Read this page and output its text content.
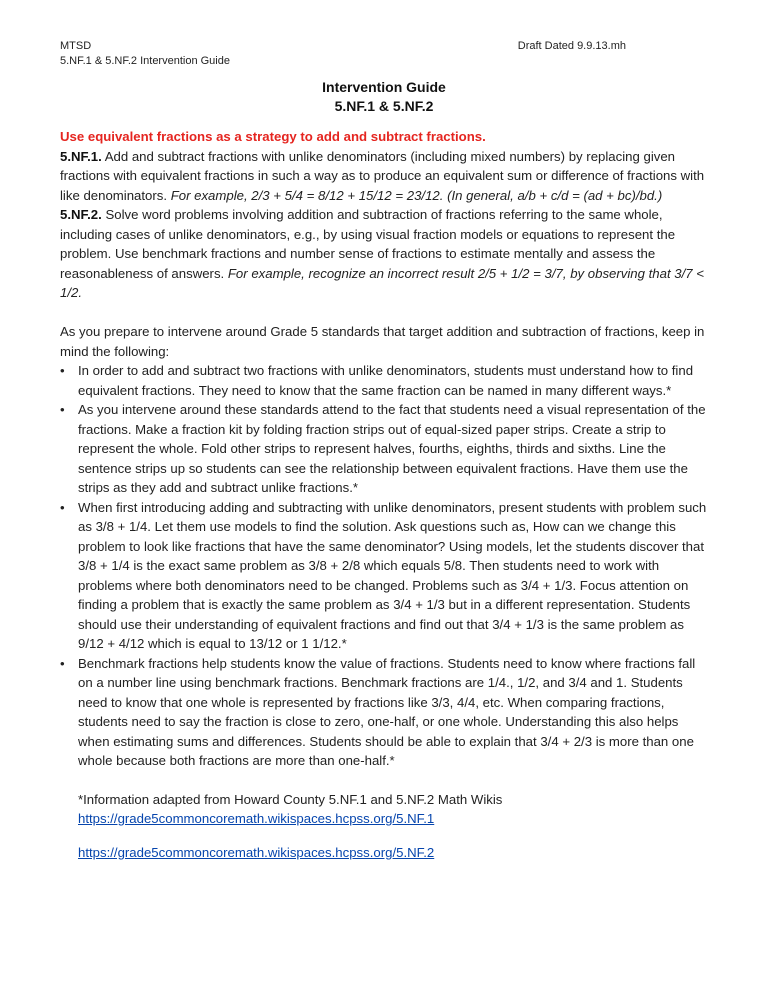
MTSD
5.NF.1 & 5.NF.2 Intervention Guide
Draft Dated 9.9.13.mh
Intervention Guide
5.NF.1 & 5.NF.2

Use equivalent fractions as a strategy to add and subtract fractions.

5.NF.1. Add and subtract fractions with unlike denominators (including mixed numbers) by replacing given fractions with equivalent fractions in such a way as to produce an equivalent sum or difference of fractions with like denominators. For example, 2/3 + 5/4 = 8/12 + 15/12 = 23/12. (In general, a/b + c/d = (ad + bc)/bd.)

5.NF.2. Solve word problems involving addition and subtraction of fractions referring to the same whole, including cases of unlike denominators, e.g., by using visual fraction models or equations to represent the problem. Use benchmark fractions and number sense of fractions to estimate mentally and assess the reasonableness of answers. For example, recognize an incorrect result 2/5 + 1/2 = 3/7, by observing that 3/7 < 1/2.

As you prepare to intervene around Grade 5 standards that target addition and subtraction of fractions, keep in mind the following:

•	In order to add and subtract two fractions with unlike denominators, students must understand how to find equivalent fractions. They need to know that the same fraction can be named in many different ways.*
•	As you intervene around these standards attend to the fact that students need a visual representation of the fractions. Make a fraction kit by folding fraction strips out of equal-sized paper strips. Create a strip to represent the whole. Fold other strips to represent halves, fourths, eighths, thirds and sixths. Line the sentence strips up so students can see the relationship between equivalent fractions. Have them use the strips as they add and subtract unlike fractions.*
•	When first introducing adding and subtracting with unlike denominators, present students with problem such as 3/8 + 1/4. Let them use models to find the solution. Ask questions such as, How can we change this problem to look like fractions that have the same denominator? Using models, let the students discover that 3/8 + 1/4 is the exact same problem as 3/8 + 2/8 which equals 5/8. Then students need to work with problems where both denominators need to be changed. Problems such as 3/4 + 1/3. Focus attention on finding a problem that is exactly the same problem as 3/4 + 1/3 but in a different representation. Students should use their understanding of equivalent fractions and find out that 3/4 + 1/3 is the same problem as 9/12 + 4/12 which is equal to 13/12 or 1 1/12.*
•	Benchmark fractions help students know the value of fractions. Students need to know where fractions fall on a number line using benchmark fractions. Benchmark fractions are 1/4., 1/2, and 3/4 and 1. Students need to know that one whole is represented by fractions like 3/3, 4/4, etc. When comparing fractions, students need to say the fraction is close to zero, one-half, or one whole. Understanding this also helps when estimating sums and differences. Students should be able to explain that 3/4 + 2/3 is more than one whole because both fractions are more than one-half.*
*Information adapted from Howard County 5.NF.1 and 5.NF.2 Math Wikis
https://grade5commoncoremath.wikispaces.hcpss.org/5.NF.1
https://grade5commoncoremath.wikispaces.hcpss.org/5.NF.2
